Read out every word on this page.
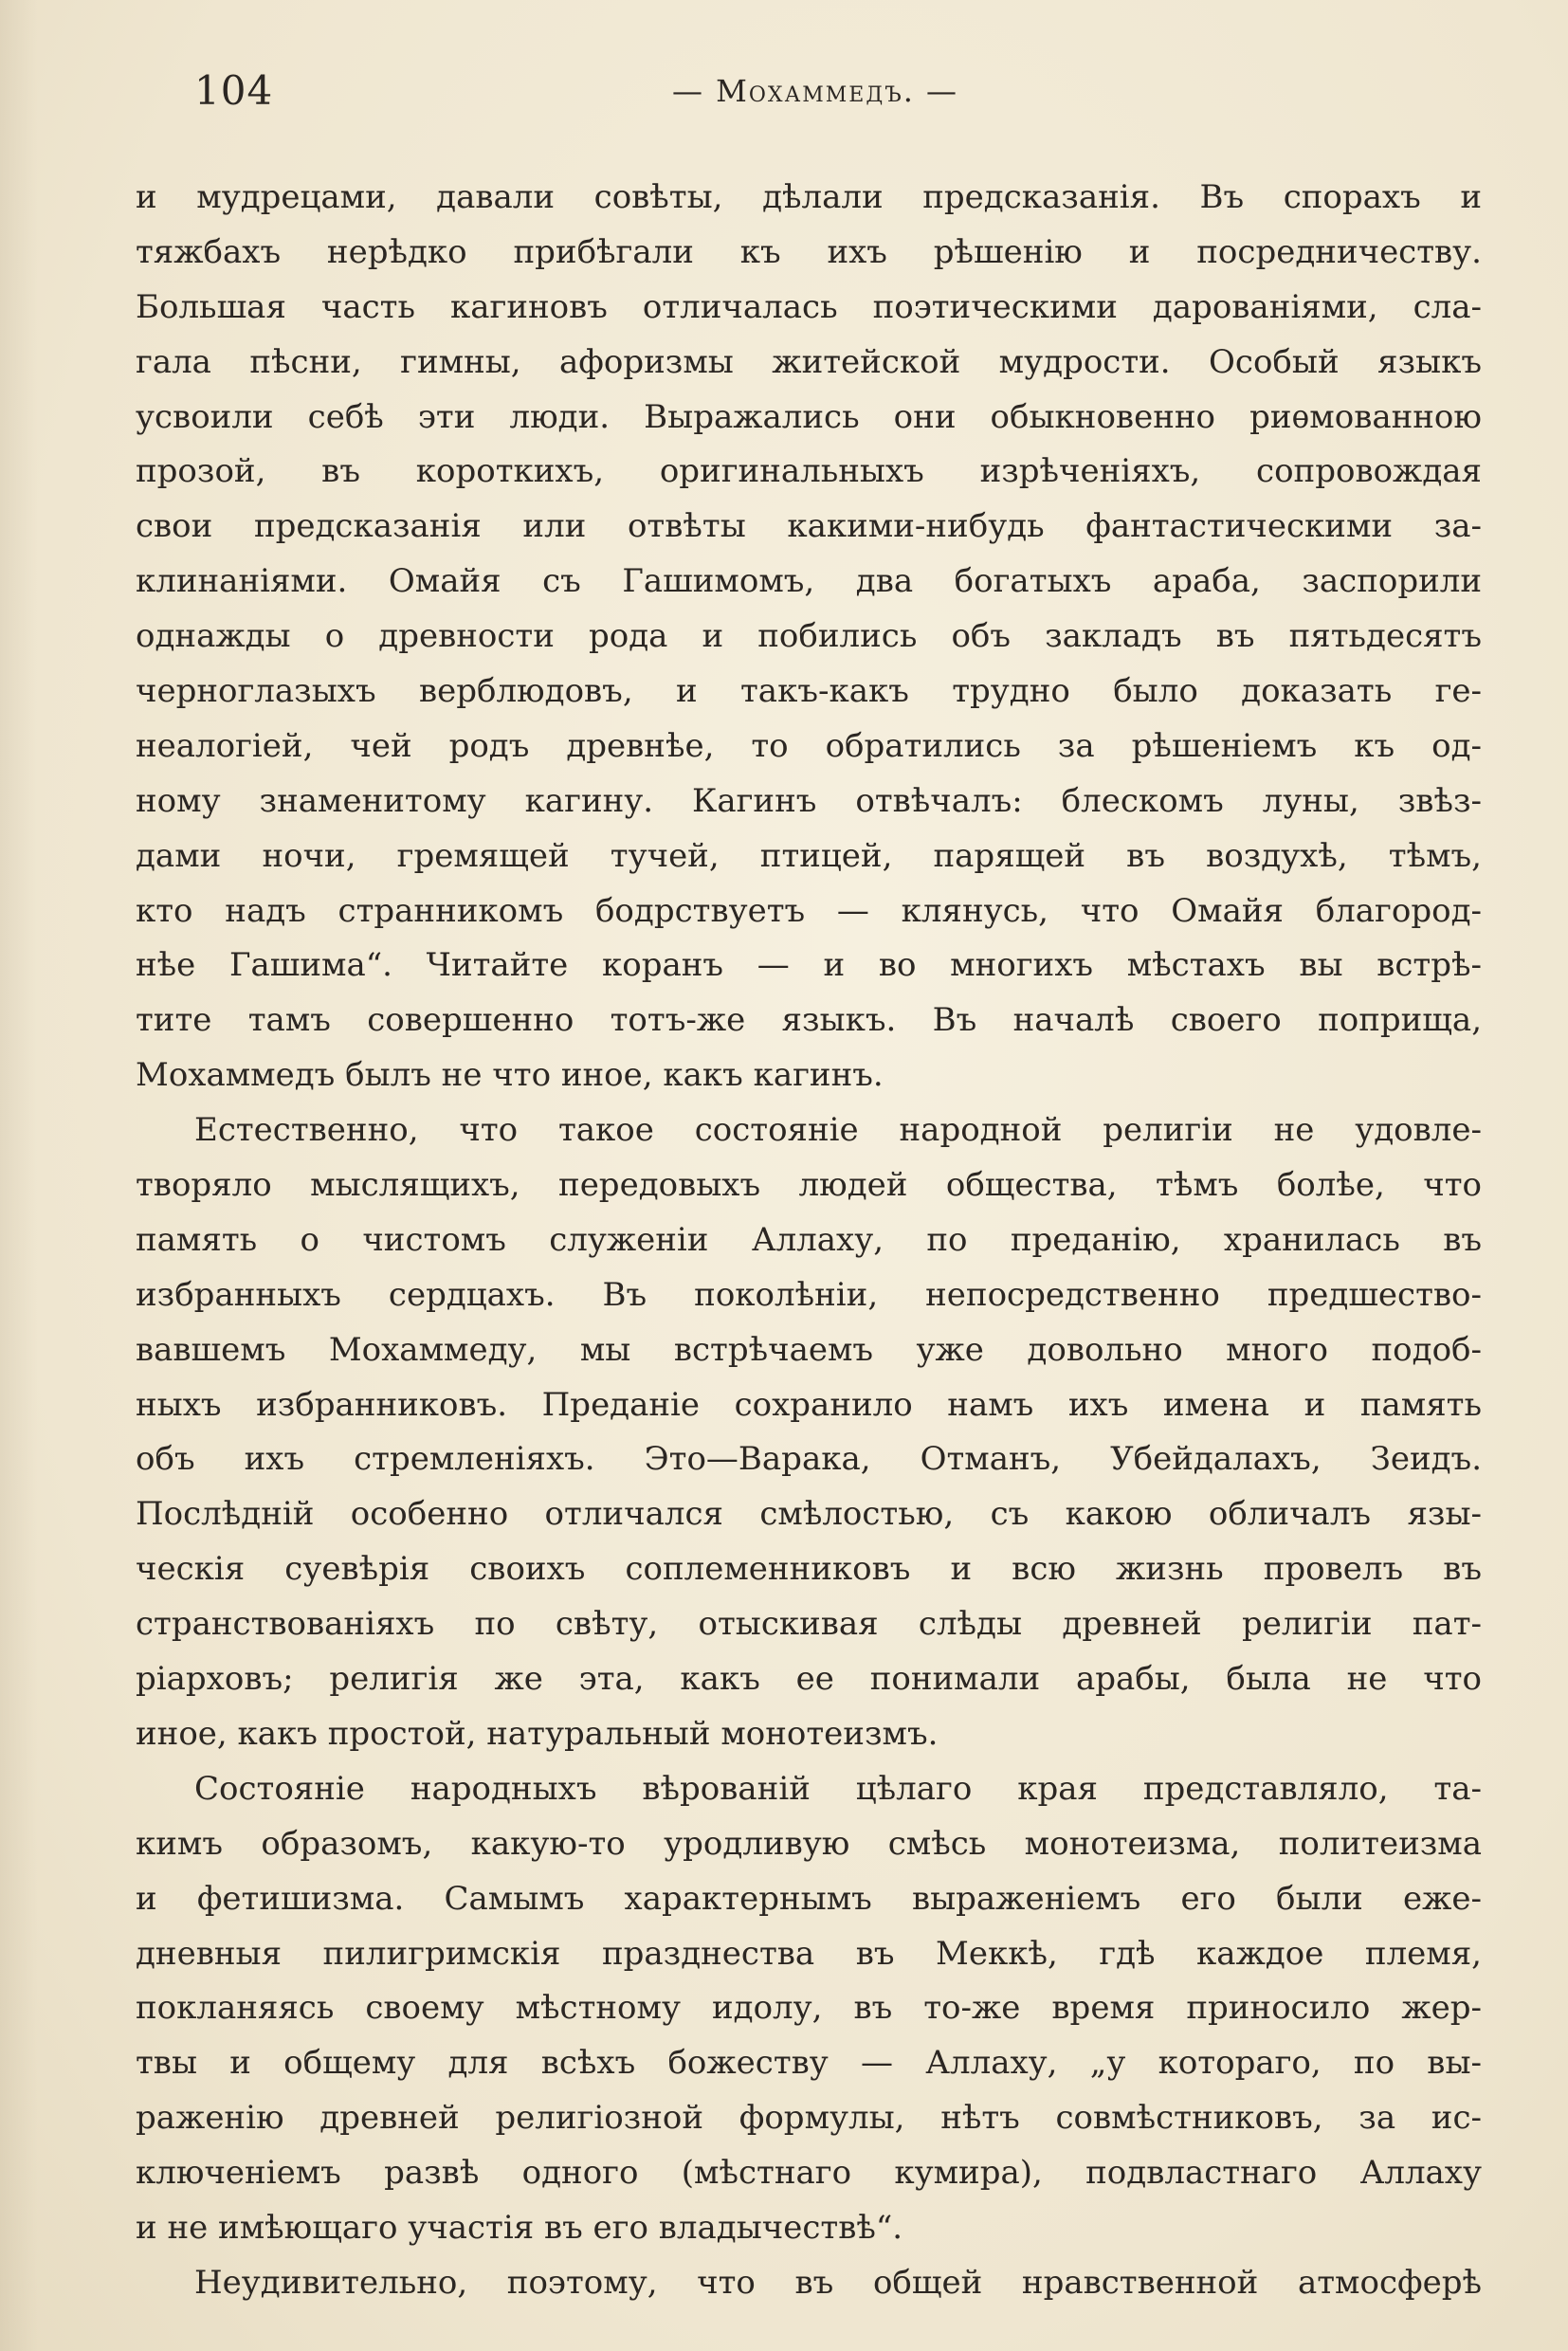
104	— Мохаммедъ. —
и мудрецами, давали совѣты, дѣлали предсказанія. Въ спорахъ и
тяжбахъ нерѣдко прибѣгали къ ихъ рѣшенію и посредничеству.
Большая часть кагиновъ отличалась поэтическими дарованіями, сла-
гала пѣсни, гимны, афоризмы житейской мудрости. Особый языкъ
усвоили себѣ эти люди. Выражались они обыкновенно риѳмованною
прозой, въ короткихъ, оригинальныхъ изрѣченіяхъ, сопровождая
свои предсказанія или отвѣты какими-нибудь фантастическими за-
клинаніями. Омайя съ Гашимомъ, два богатыхъ араба, заспорили
однажды о древности рода и побились объ закладъ въ пятьдесятъ
черноглазыхъ верблюдовъ, и такъ-какъ трудно было доказать ге-
неалогіей, чей родъ древнѣе, то обратились за рѣшеніемъ къ од-
ному знаменитому кагину. Кагинъ отвѣчалъ: блескомъ луны, звѣз-
дами ночи, гремящей тучей, птицей, парящей въ воздухѣ, тѣмъ,
кто надъ странникомъ бодрствуетъ — клянусь, что Омайя благород-
нѣе Гашима“. Читайте коранъ — и во многихъ мѣстахъ вы встрѣ-
тите тамъ совершенно тотъ-же языкъ. Въ началѣ своего поприща,
Мохаммедъ былъ не что иное, какъ кагинъ.
Естественно, что такое состояніе народной религіи не удовле-
творяло мыслящихъ, передовыхъ людей общества, тѣмъ болѣе, что
память о чистомъ служеніи Аллаху, по преданію, хранилась въ
избранныхъ сердцахъ. Въ поколѣніи, непосредственно предшество-
вавшемъ Мохаммеду, мы встрѣчаемъ уже довольно много подоб-
ныхъ избранниковъ. Преданіе сохранило намъ ихъ имена и память
объ ихъ стремленіяхъ. Это—Варака, Отманъ, Убейдалахъ, Зеидъ.
Послѣдній особенно отличался смѣлостью, съ какою обличалъ язы-
ческія суевѣрія своихъ соплеменниковъ и всю жизнь провелъ въ
странствованіяхъ по свѣту, отыскивая слѣды древней религіи пат-
ріарховъ; религія же эта, какъ ее понимали арабы, была не что
иное, какъ простой, натуральный монотеизмъ.
Состояніе народныхъ вѣрованій цѣлаго края представляло, та-
кимъ образомъ, какую-то уродливую смѣсь монотеизма, политеизма
и фетишизма. Самымъ характернымъ выраженіемъ его были еже-
дневныя пилигримскія празднества въ Меккѣ, гдѣ каждое племя,
покланяясь своему мѣстному идолу, въ то-же время приносило жер-
твы и общему для всѣхъ божеству — Аллаху, „у котораго, по вы-
раженію древней религіозной формулы, нѣтъ совмѣстниковъ, за ис-
ключеніемъ развѣ одного (мѣстнаго кумира), подвластнаго Аллаху
и не имѣющаго участія въ его владычествѣ“.
Неудивительно, поэтому, что въ общей нравственной атмосферѣ
